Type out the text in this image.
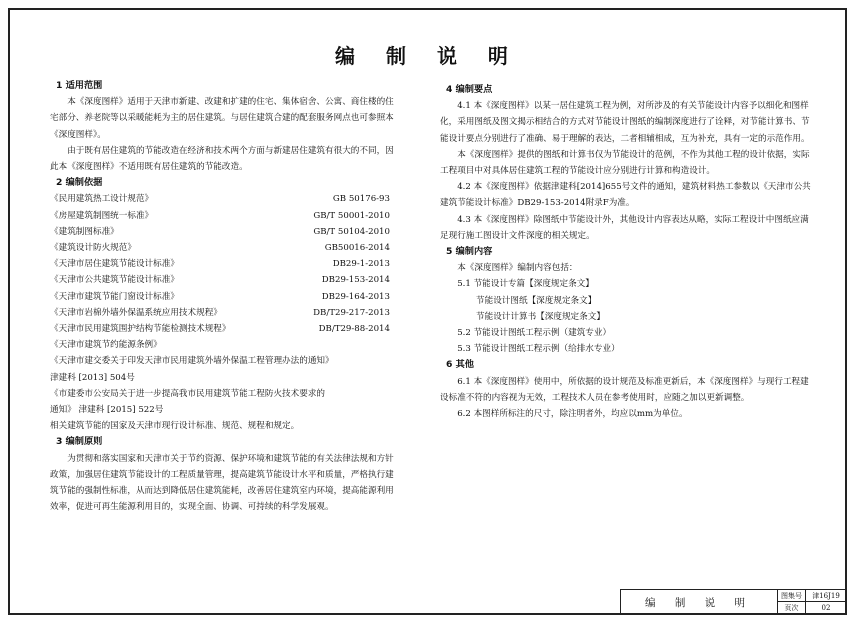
编 制 说 明
1 适用范围

本《深度图样》适用于天津市新建、改建和扩建的住宅、集体宿舍、公寓、商住楼的住宅部分、养老院等以采暖能耗为主的居住建筑。与居住建筑合建的配套服务网点也可参照本《深度图样》。

由于既有居住建筑的节能改造在经济和技术两个方面与新建居住建筑有很大的不同，因此本《深度图样》不适用既有居住建筑的节能改造。

2 编制依据
《民用建筑热工设计规范》	GB 50176-93
《房屋建筑制图统一标准》	GB/T 50001-2010
《建筑制图标准》	GB/T 50104-2010
《建筑设计防火规范》	GB50016-2014
《天津市居住建筑节能设计标准》	DB29-1-2013
《天津市公共建筑节能设计标准》	DB29-153-2014
《天津市建筑节能门窗设计标准》	DB29-164-2013
《天津市岩棉外墙外保温系统应用技术规程》	DB/T29-217-2013
《天津市民用建筑围护结构节能检测技术规程》	DB/T29-88-2014
《天津市建筑节约能源条例》

《天津市建交委关于印发天津市民用建筑外墙外保温工程管理办法的通知》

津建科 [2013] 504号

《市建委市公安局关于进一步提高我市民用建筑节能工程防火技术要求的

通知》 津建科 [2015] 522号

相关建筑节能的国家及天津市现行设计标准、规范、规程和规定。

3 编制原则

为贯彻和落实国家和天津市关于节约资源、保护环境和建筑节能的有关法律法规和方针政策，加强居住建筑节能设计的工程质量管理，提高建筑节能设计水平和质量，严格执行建筑节能的强制性标准，从而达到降低居住建筑能耗，改善居住建筑室内环境，提高能源利用效率，促进可再生能源利用目的，实现全面、协调、可持续的科学发展观。

4 编制要点

4.1 本《深度图样》以某一居住建筑工程为例，对所涉及的有关节能设计内容予以细化和图样化，采用图纸及图文揭示相结合的方式对节能设计图纸的编制深度进行了诠释，对节能计算书、节能设计要点分别进行了准确、易于理解的表达，二者相辅相成，互为补充，具有一定的示范作用。

本《深度图样》提供的图纸和计算书仅为节能设计的范例，不作为其他工程的设计依据，实际工程项目中对具体居住建筑工程的节能设计应分别进行计算和构造设计。

4.2 本《深度图样》依据津建科[2014]655号文件的通知，建筑材料热工参数以《天津市公共建筑节能设计标准》DB29-153-2014附录F为准。

4.3 本《深度图样》除图纸中节能设计外，其他设计内容表达从略，实际工程设计中图纸应满足现行施工图设计文件深度的相关规定。

5 编制内容

本《深度图样》编制内容包括：

5.1 节能设计专篇【深度规定条文】

节能设计图纸【深度规定条文】

节能设计计算书【深度规定条文】

5.2 节能设计图纸工程示例（建筑专业）

5.3 节能设计图纸工程示例（给排水专业）

6 其他

6.1 本《深度图样》使用中，所依据的设计规范及标准更新后，本《深度图样》与现行工程建设标准不符的内容视为无效，工程技术人员在参考使用时，应随之加以更新调整。

6.2 本图样所标注的尺寸，除注明者外，均应以mm为单位。

编 制 说 明
图集号	津16J19
页次	02
